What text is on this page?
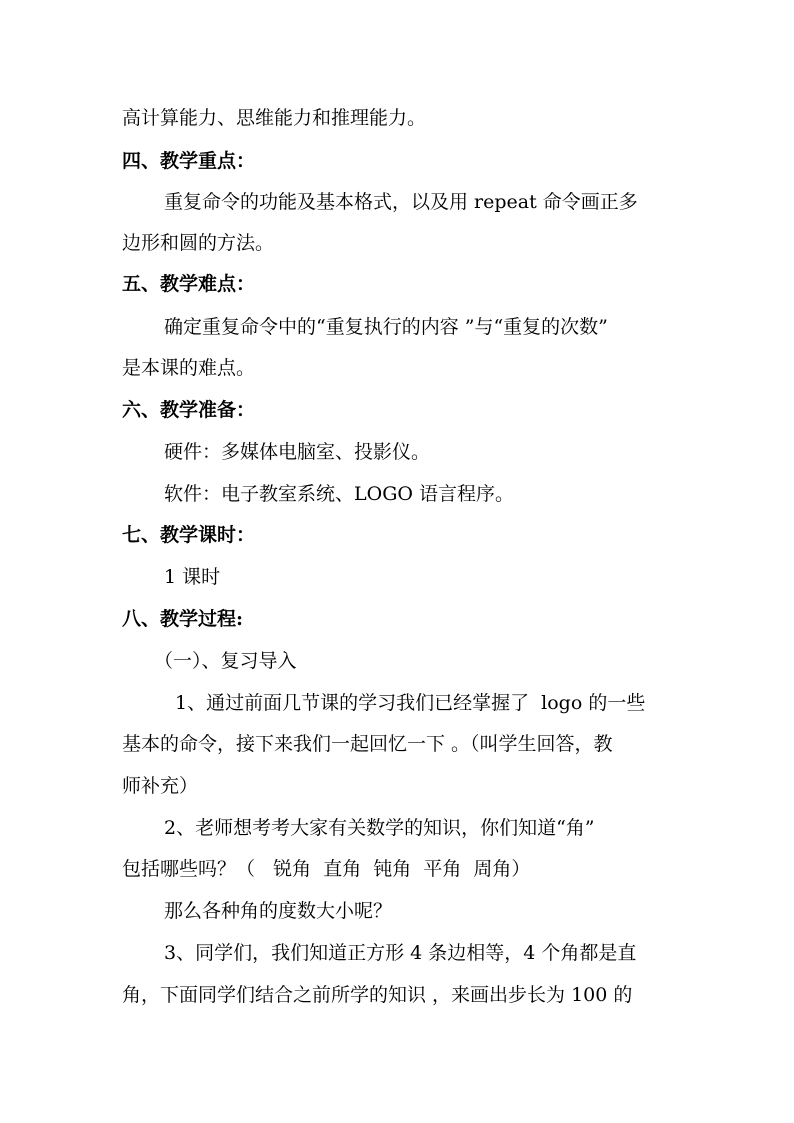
高计算能力、思维能力和推理能力。
四、教学重点：
重复命令的功能及基本格式，以及用 repeat 命令画正多
边形和圆的方法。
五、教学难点：
确定重复命令中的“重复执行的内容 ”与“重复的次数”
是本课的难点。
六、教学准备：
硬件：多媒体电脑室、投影仪。
软件：电子教室系统、LOGO 语言程序。
七、教学课时：
1 课时
八、教学过程:
（一）、复习导入
1、通过前面几节课的学习我们已经掌握了  logo 的一些
基本的命令，接下来我们一起回忆一下 。（叫学生回答，教
师补充）
2、老师想考考大家有关数学的知识，你们知道“角”
包括哪些吗？（   锐角  直角  钝角  平角  周角）
那么各种角的度数大小呢？
3、同学们，我们知道正方形 4 条边相等，4 个角都是直
角，下面同学们结合之前所学的知识 ，来画出步长为 100 的
